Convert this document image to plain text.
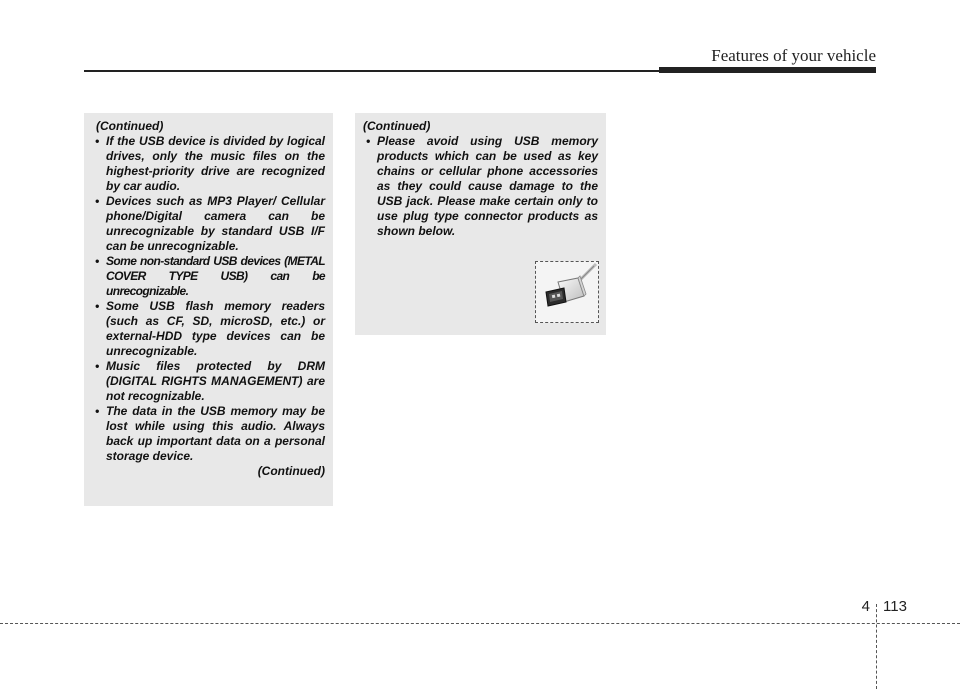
Features of your vehicle
(Continued)
• If the USB device is divided by logical drives, only the music files on the highest-priority drive are recognized by car audio.
• Devices such as MP3 Player/ Cellular phone/Digital camera can be unrecognizable by standard USB I/F can be unrecognizable.
• Some non-standard USB devices (METAL COVER TYPE USB) can be unrecognizable.
• Some USB flash memory readers (such as CF, SD, microSD, etc.) or external-HDD type devices can be unrecognizable.
• Music files protected by DRM (DIGITAL RIGHTS MANAGEMENT) are not recognizable.
• The data in the USB memory may be lost while using this audio. Always back up important data on a personal storage device.
(Continued)
(Continued)
• Please avoid using USB memory products which can be used as key chains or cellular phone accessories as they could cause damage to the USB jack. Please make certain only to use plug type connector products as shown below.
4 113
